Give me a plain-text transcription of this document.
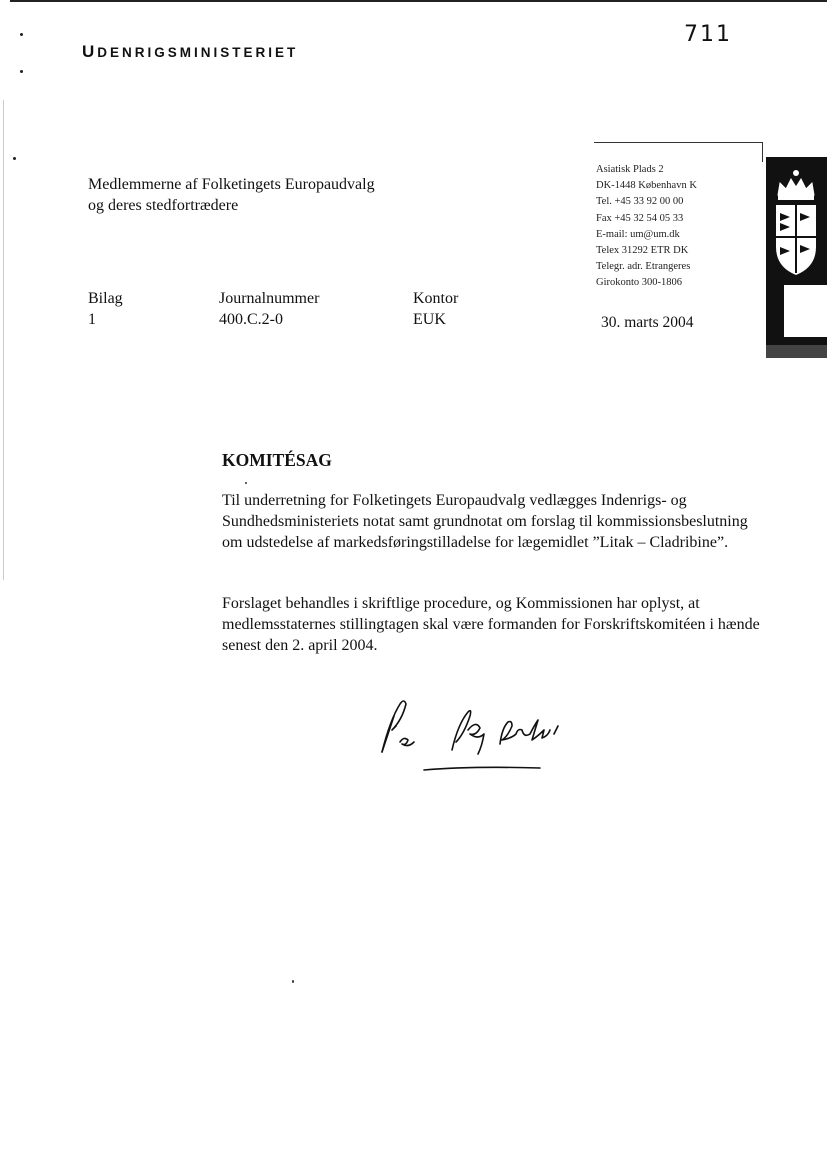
UDENRIGSMINISTERIET
711
Medlemmerne af Folketingets Europaudvalg
og deres stedfortrædere
Asiatisk Plads 2
DK-1448 København K
Tel. +45 33 92 00 00
Fax +45 32 54 05 33
E-mail: um@um.dk
Telex 31292 ETR DK
Telegr. adr. Etrangeres
Girokonto 300-1806
Bilag
1
Journalnummer
400.C.2-0
Kontor
EUK	30. marts 2004
KOMITÉSAG
Til underretning for Folketingets Europaudvalg vedlægges Indenrigs- og Sundhedsministeriets notat samt grundnotat om forslag til kommissionsbeslutning om udstedelse af markedsføringstilladelse for lægemidlet ”Litak – Cladribine”.
Forslaget behandles i skriftlige procedure, og Kommissionen har oplyst, at medlemsstaternes stillingtagen skal være formanden for Forskriftskomitéen i hænde senest den 2. april 2004.
